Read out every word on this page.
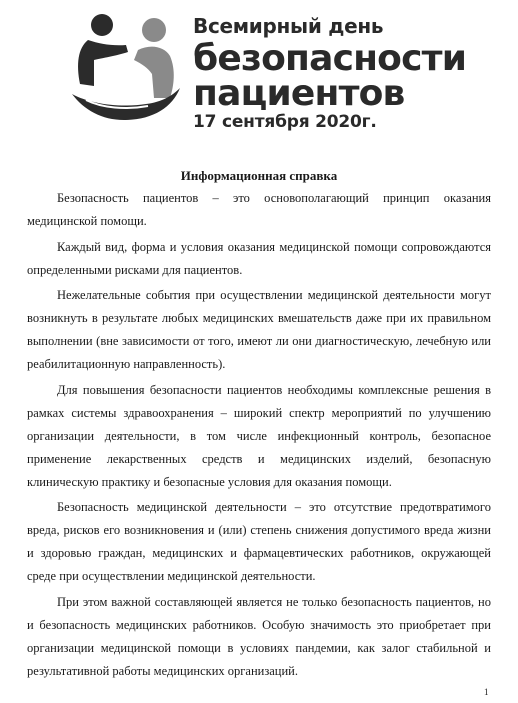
Всемирный день
безопасности
пациентов
17 сентября 2020г.
Информационная справка

Безопасность пациентов – это основополагающий принцип оказания медицинской помощи.

Каждый вид, форма и условия оказания медицинской помощи сопровождаются определенными рисками для пациентов.

Нежелательные события при осуществлении медицинской деятельности могут возникнуть в результате любых медицинских вмешательств даже при их правильном выполнении (вне зависимости от того, имеют ли они диагностическую, лечебную или реабилитационную направленность).

Для повышения безопасности пациентов необходимы комплексные решения в рамках системы здравоохранения – широкий спектр мероприятий по улучшению организации деятельности, в том числе инфекционный контроль, безопасное применение лекарственных средств и медицинских изделий, безопасную клиническую практику и безопасные условия для оказания помощи.

Безопасность медицинской деятельности – это отсутствие предотвратимого вреда, рисков его возникновения и (или) степень снижения допустимого вреда жизни и здоровью граждан, медицинских и фармацевтических работников, окружающей среде при осуществлении медицинской деятельности.

При этом важной составляющей является не только безопасность пациентов, но и безопасность медицинских работников. Особую значимость это приобретает при организации медицинской помощи в условиях пандемии, как залог стабильной и результативной работы медицинских организаций.

1
